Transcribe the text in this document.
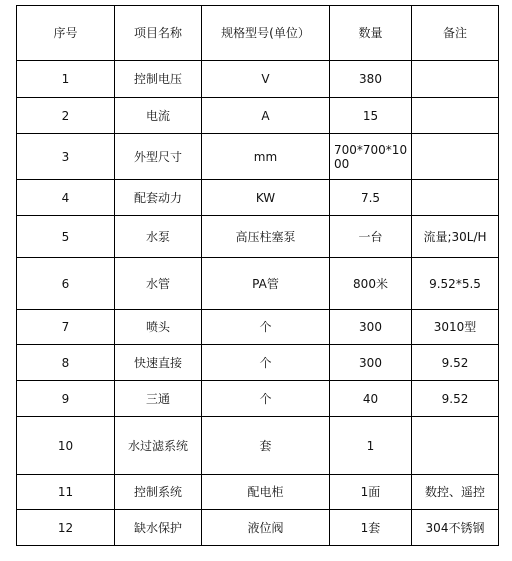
序号	项目名称	规格型号(单位）	数量	备注
1	控制电压	V	380	
2	电流	A	15	
3	外型尺寸	mm	700*700*1000	
4	配套动力	KW	7.5	
5	水泵	高压柱塞泵	一台	流量;30L/H
6	水管	PA管	800米	9.52*5.5
7	喷头	个	300	3010型
8	快速直接	个	300	9.52
9	三通	个	40	9.52
10	水过滤系统	套	1	
11	控制系统	配电柜	1面	数控、遥控
12	缺水保护	液位阀	1套	304不锈钢
